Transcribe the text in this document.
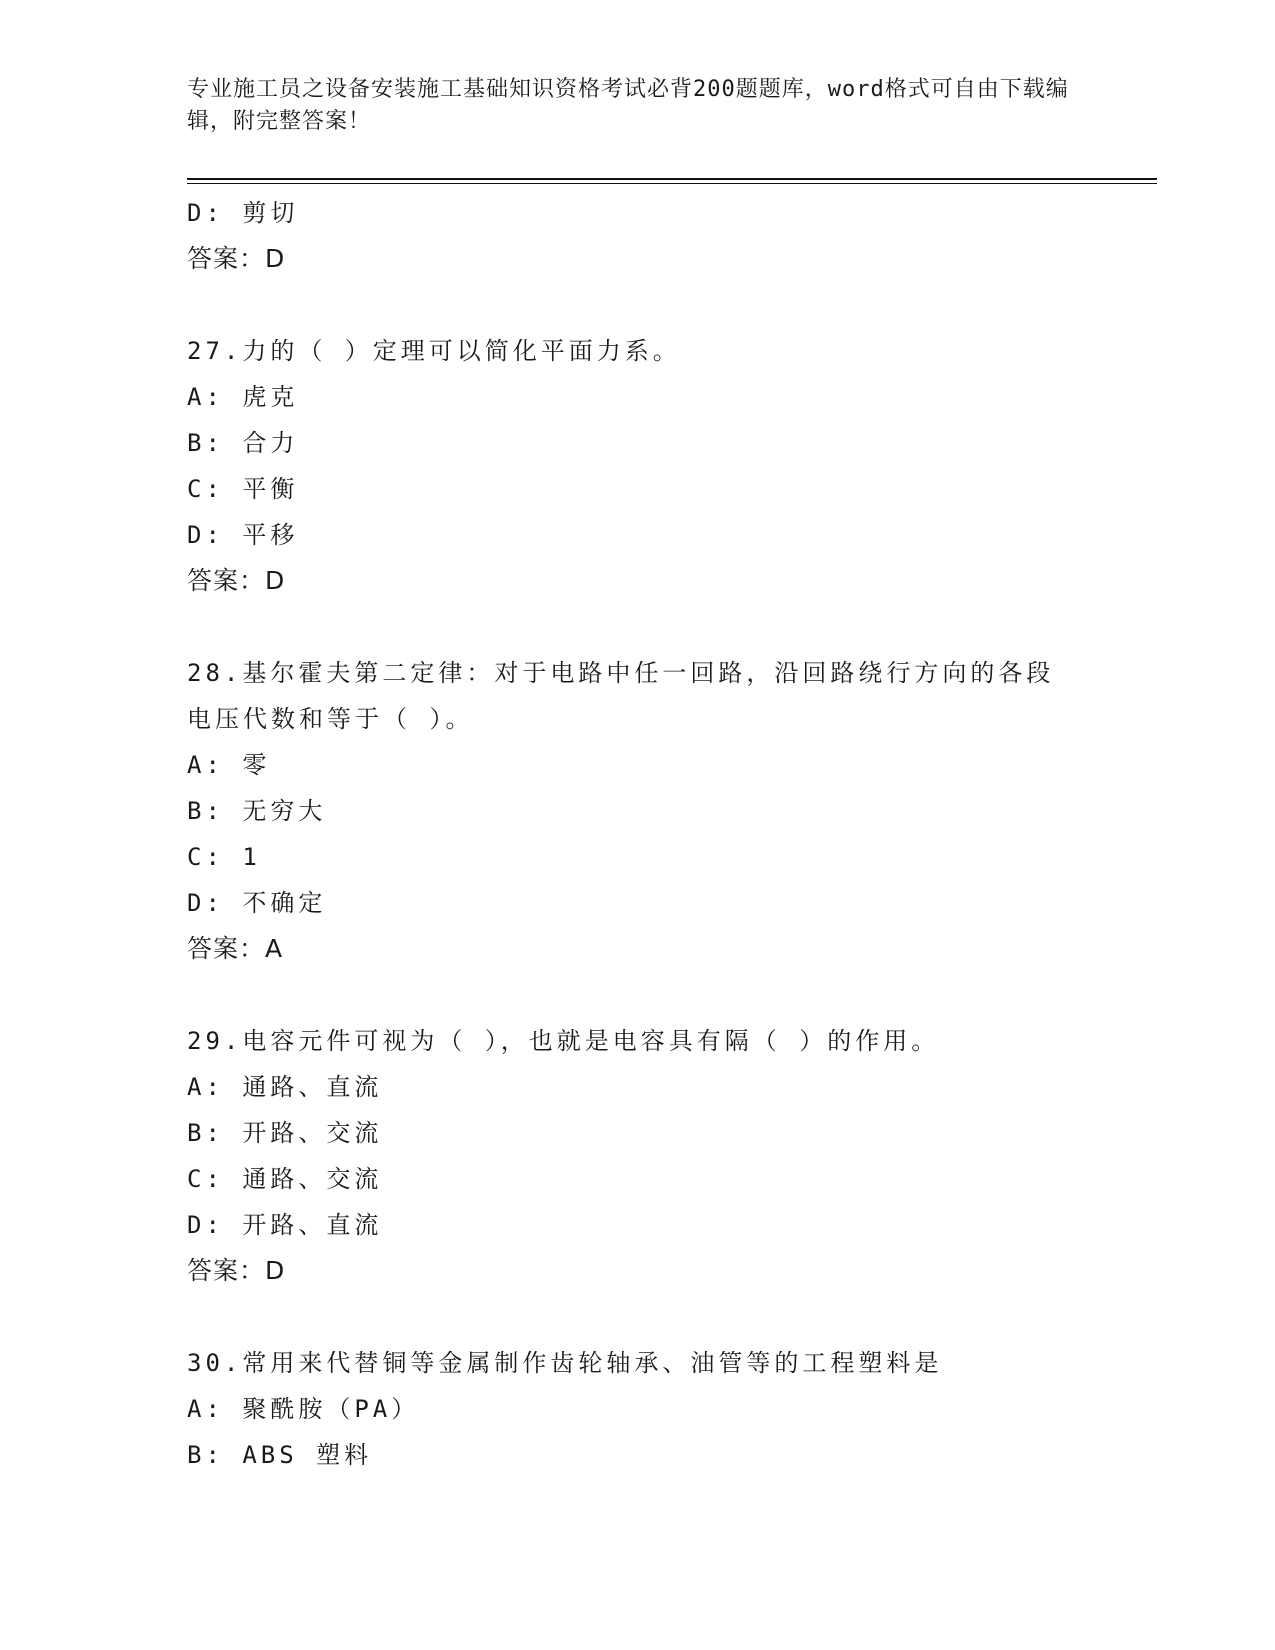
专业施工员之设备安装施工基础知识资格考试必背200题题库，word格式可自由下载编辑，附完整答案！
D: 剪切
答案：D
27.力的（ ）定理可以简化平面力系。
A: 虎克
B: 合力
C: 平衡
D: 平移
答案：D
28.基尔霍夫第二定律：对于电路中任一回路，沿回路绕行方向的各段
电压代数和等于（ ）。
A: 零
B: 无穷大
C: 1
D: 不确定
答案：A
29.电容元件可视为（ ），也就是电容具有隔（ ）的作用。
A: 通路、直流
B: 开路、交流
C: 通路、交流
D: 开路、直流
答案：D
30.常用来代替铜等金属制作齿轮轴承、油管等的工程塑料是
A: 聚酰胺（PA）
B: ABS 塑料
